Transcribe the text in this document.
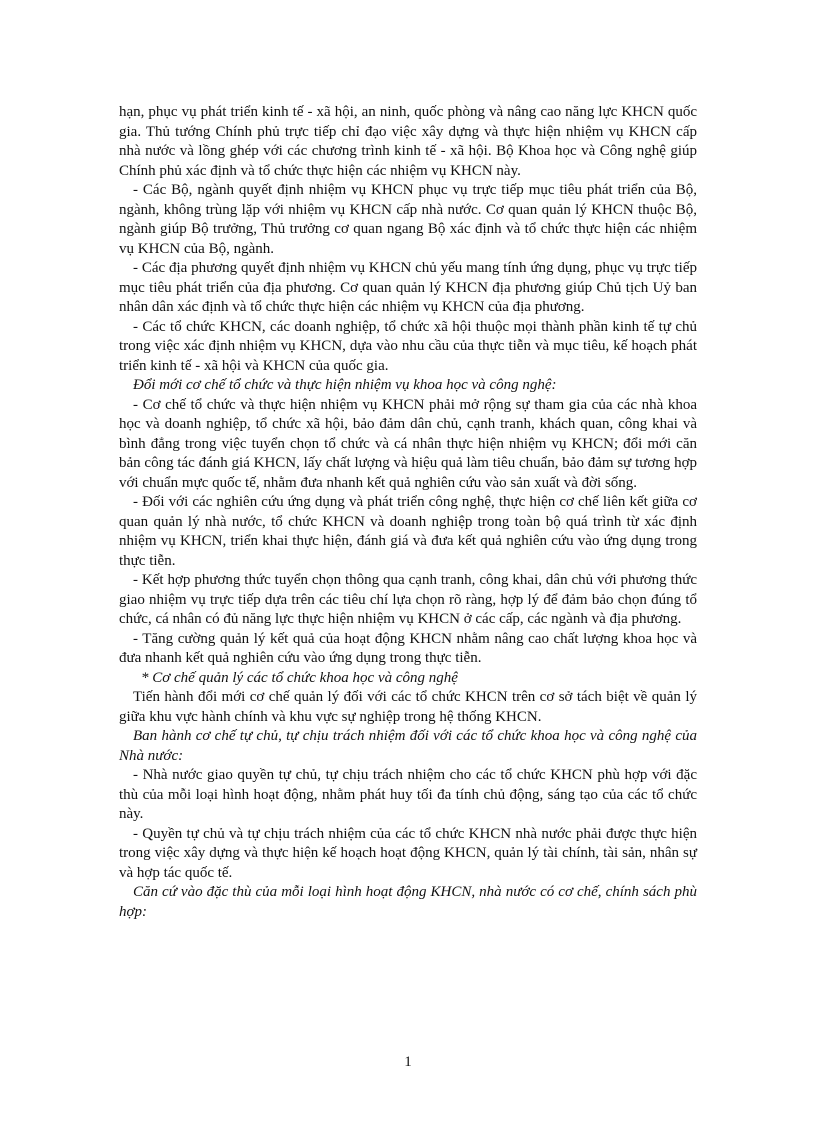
hạn, phục vụ phát triển kinh tế - xã hội, an ninh, quốc phòng và nâng cao năng lực KHCN quốc gia. Thủ tướng Chính phủ trực tiếp chỉ đạo việc xây dựng và thực hiện nhiệm vụ KHCN cấp nhà nước và lồng ghép với các chương trình kinh tế - xã hội. Bộ Khoa học và Công nghệ giúp Chính phủ xác định và tổ chức thực hiện các nhiệm vụ KHCN này.

- Các Bộ, ngành quyết định nhiệm vụ KHCN phục vụ trực tiếp mục tiêu phát triển của Bộ, ngành, không trùng lặp với nhiệm vụ KHCN cấp nhà nước. Cơ quan quản lý KHCN thuộc Bộ, ngành giúp Bộ trưởng, Thủ trưởng cơ quan ngang Bộ xác định và tổ chức thực hiện các nhiệm vụ KHCN của Bộ, ngành.

- Các địa phương quyết định nhiệm vụ KHCN chủ yếu mang tính ứng dụng, phục vụ trực tiếp mục tiêu phát triển của địa phương. Cơ quan quản lý KHCN địa phương giúp Chủ tịch Uỷ ban nhân dân xác định và tổ chức thực hiện các nhiệm vụ KHCN của địa phương.

- Các tổ chức KHCN, các doanh nghiệp, tổ chức xã hội thuộc mọi thành phần kinh tế tự chủ trong việc xác định nhiệm vụ KHCN, dựa vào nhu cầu của thực tiễn và mục tiêu, kế hoạch phát triển kinh tế - xã hội và KHCN của quốc gia.

Đổi mới cơ chế tổ chức và thực hiện nhiệm vụ khoa học và công nghệ:

- Cơ chế tổ chức và thực hiện nhiệm vụ KHCN phải mở rộng sự tham gia của các nhà khoa học và doanh nghiệp, tổ chức xã hội, bảo đảm dân chủ, cạnh tranh, khách quan, công khai và bình đẳng trong việc tuyển chọn tổ chức và cá nhân thực hiện nhiệm vụ KHCN; đổi mới căn bản công tác đánh giá KHCN, lấy chất lượng và hiệu quả làm tiêu chuẩn, bảo đảm sự tương hợp với chuẩn mực quốc tế, nhằm đưa nhanh kết quả nghiên cứu vào sản xuất và đời sống.

- Đối với các nghiên cứu ứng dụng và phát triển công nghệ, thực hiện cơ chế liên kết giữa cơ quan quản lý nhà nước, tổ chức KHCN và doanh nghiệp trong toàn bộ quá trình từ xác định nhiệm vụ KHCN, triển khai thực hiện, đánh giá và đưa kết quả nghiên cứu vào ứng dụng trong thực tiễn.

- Kết hợp phương thức tuyển chọn thông qua cạnh tranh, công khai, dân chủ với phương thức giao nhiệm vụ trực tiếp dựa trên các tiêu chí lựa chọn rõ ràng, hợp lý để đảm bảo chọn đúng tổ chức, cá nhân có đủ năng lực thực hiện nhiệm vụ KHCN ở các cấp, các ngành và địa phương.

- Tăng cường quản lý kết quả của hoạt động KHCN nhằm nâng cao chất lượng khoa học và đưa nhanh kết quả nghiên cứu vào ứng dụng trong thực tiễn.

* Cơ chế quản lý các tổ chức khoa học và công nghệ

Tiến hành đổi mới cơ chế quản lý đối với các tổ chức KHCN trên cơ sở tách biệt về quản lý giữa khu vực hành chính và khu vực sự nghiệp trong hệ thống KHCN.

Ban hành cơ chế tự chủ, tự chịu trách nhiệm đối với các tổ chức khoa học và công nghệ của Nhà nước:

- Nhà nước giao quyền tự chủ, tự chịu trách nhiệm cho các tổ chức KHCN phù hợp với đặc thù của mỗi loại hình hoạt động, nhằm phát huy tối đa tính chủ động, sáng tạo của các tổ chức này.

- Quyền tự chủ và tự chịu trách nhiệm của các tổ chức KHCN nhà nước phải được thực hiện trong việc xây dựng và thực hiện kế hoạch hoạt động KHCN, quản lý tài chính, tài sản, nhân sự và hợp tác quốc tế.

Căn cứ vào đặc thù của mỗi loại hình hoạt động KHCN, nhà nước có cơ chế, chính sách phù hợp:

1
